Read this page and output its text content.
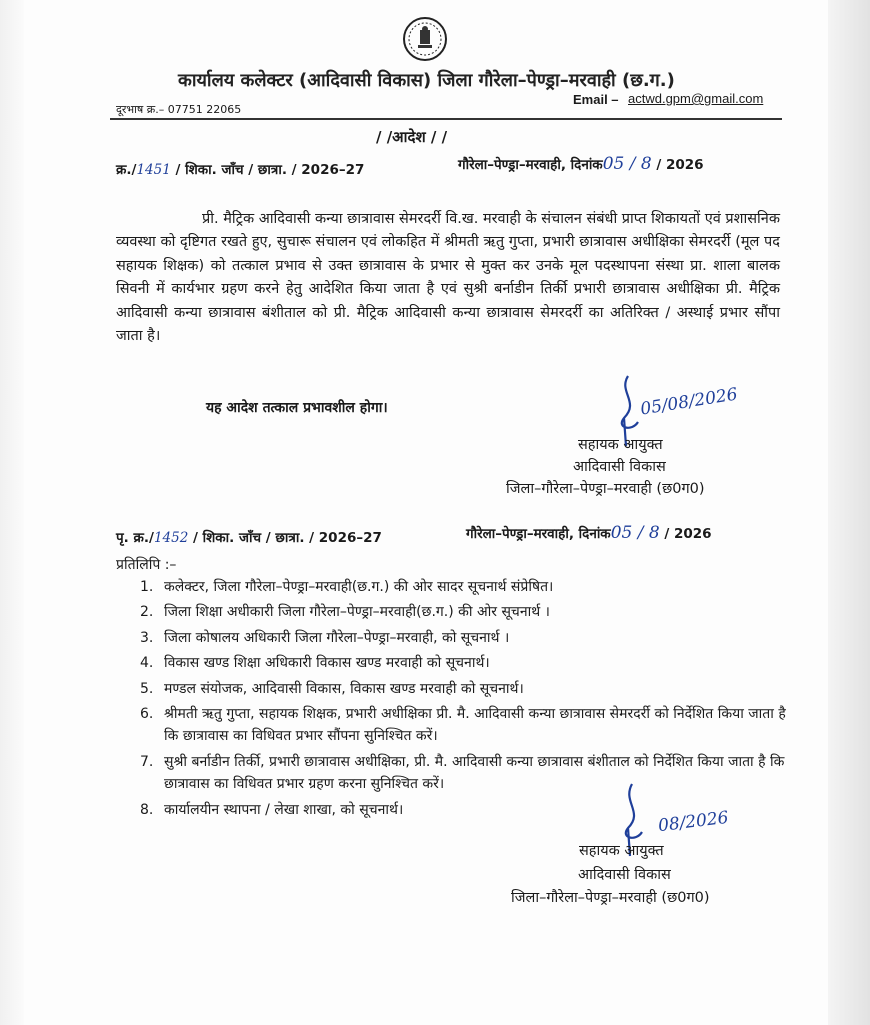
कार्यालय कलेक्टर (आदिवासी विकास) जिला गौरेला–पेण्ड्रा–मरवाही (छ.ग.)
दूरभाष क्र.– 07751 22065
Email – actwd.gpm@gmail.com
/ /आदेश / /
क्र./1451 / शिका. जाँच / छात्रा. / 2026–27	गौरेला–पेण्ड्रा–मरवाही, दिनांक05 / 8 / 2026
प्री. मैट्रिक आदिवासी कन्या छात्रावास सेमरदर्री वि.ख. मरवाही के संचालन संबंधी प्राप्त शिकायतों एवं प्रशासनिक व्यवस्था को दृष्टिगत रखते हुए, सुचारू संचालन एवं लोकहित में श्रीमती ऋतु गुप्ता, प्रभारी छात्रावास अधीक्षिका सेमरदर्री (मूल पद सहायक शिक्षक) को तत्काल प्रभाव से उक्त छात्रावास के प्रभार से मुक्त कर उनके मूल पदस्थापना संस्था प्रा. शाला बालक सिवनी में कार्यभार ग्रहण करने हेतु आदेशित किया जाता है एवं सुश्री बर्नाडीन तिर्की प्रभारी छात्रावास अधीक्षिका प्री. मैट्रिक आदिवासी कन्या छात्रावास बंशीताल को प्री. मैट्रिक आदिवासी कन्या छात्रावास सेमरदर्री का अतिरिक्त / अस्थाई प्रभार सौंपा जाता है।
यह आदेश तत्काल प्रभावशील होगा।	05/08/2026
सहायक आयुक्त
आदिवासी विकास
जिला–गौरेला–पेण्ड्रा–मरवाही (छ0ग0)
पृ. क्र./1452 / शिका. जाँच / छात्रा. / 2026–27	गौरेला–पेण्ड्रा–मरवाही, दिनांक05 / 8 / 2026
प्रतिलिपि :–
1. कलेक्टर, जिला गौरेला–पेण्ड्रा–मरवाही(छ.ग.) की ओर सादर सूचनार्थ संप्रेषित।
2. जिला शिक्षा अधीकारी जिला गौरेला–पेण्ड्रा–मरवाही(छ.ग.) की ओर सूचनार्थ ।
3. जिला कोषालय अधिकारी जिला गौरेला–पेण्ड्रा–मरवाही, को सूचनार्थ ।
4. विकास खण्ड शिक्षा अधिकारी विकास खण्ड मरवाही को सूचनार्थ।
5. मण्डल संयोजक, आदिवासी विकास, विकास खण्ड मरवाही को सूचनार्थ।
6. श्रीमती ऋतु गुप्ता, सहायक शिक्षक, प्रभारी अधीक्षिका प्री. मै. आदिवासी कन्या छात्रावास सेमरदर्री को निर्देशित किया जाता है कि छात्रावास का विधिवत प्रभार सौंपना सुनिश्चित करें।
7. सुश्री बर्नाडीन तिर्की, प्रभारी छात्रावास अधीक्षिका, प्री. मै. आदिवासी कन्या छात्रावास बंशीताल को निर्देशित किया जाता है कि छात्रावास का विधिवत प्रभार ग्रहण करना सुनिश्चित करें।
8. कार्यालयीन स्थापना / लेखा शाखा, को सूचनार्थ।	08/2026
सहायक आयुक्त
आदिवासी विकास
जिला–गौरेला–पेण्ड्रा–मरवाही (छ0ग0)
